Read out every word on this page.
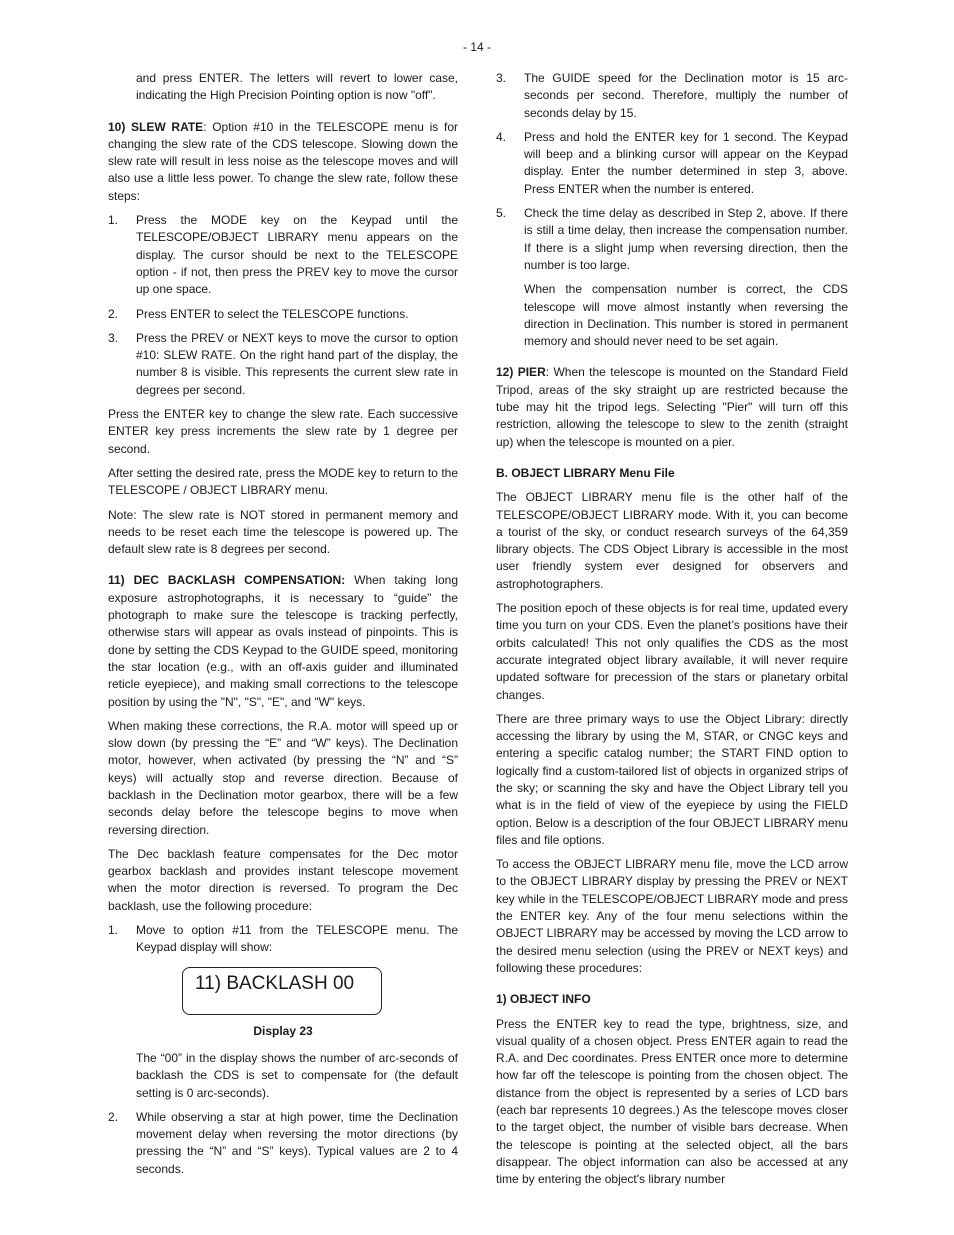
- 14 -

and press ENTER. The letters will revert to lower case, indicating the High Precision Pointing option is now "off".

10) SLEW RATE: Option #10 in the TELESCOPE menu is for changing the slew rate of the CDS telescope. Slowing down the slew rate will result in less noise as the telescope moves and will also use a little less power. To change the slew rate, follow these steps:

1. Press the MODE key on the Keypad until the TELESCOPE/OBJECT LIBRARY menu appears on the display. The cursor should be next to the TELESCOPE option - if not, then press the PREV key to move the cursor up one space.
2. Press ENTER to select the TELESCOPE functions.
3. Press the PREV or NEXT keys to move the cursor to option #10: SLEW RATE. On the right hand part of the display, the number 8 is visible. This represents the current slew rate in degrees per second.

Press the ENTER key to change the slew rate. Each successive ENTER key press increments the slew rate by 1 degree per second.

After setting the desired rate, press the MODE key to return to the TELESCOPE / OBJECT LIBRARY menu.

Note: The slew rate is NOT stored in permanent memory and needs to be reset each time the telescope is powered up. The default slew rate is 8 degrees per second.

11) DEC BACKLASH COMPENSATION: When taking long exposure astrophotographs, it is necessary to “guide” the photograph to make sure the telescope is tracking perfectly, otherwise stars will appear as ovals instead of pinpoints. This is done by setting the CDS Keypad to the GUIDE speed, monitoring the star location (e.g., with an off-axis guider and illuminated reticle eyepiece), and making small corrections to the telescope position by using the "N", "S", "E", and "W" keys.

When making these corrections, the R.A. motor will speed up or slow down (by pressing the “E” and “W” keys). The Declination motor, however, when activated (by pressing the “N” and “S” keys) will actually stop and reverse direction. Because of backlash in the Declination motor gearbox, there will be a few seconds delay before the telescope begins to move when reversing direction.

The Dec backlash feature compensates for the Dec motor gearbox backlash and provides instant telescope movement when the motor direction is reversed. To program the Dec backlash, use the following procedure:

1. Move to option #11 from the TELESCOPE menu. The Keypad display will show:
11) BACKLASH 00
Display 23

The “00” in the display shows the number of arc-seconds of backlash the CDS is set to compensate for (the default setting is 0 arc-seconds).

2. While observing a star at high power, time the Declination movement delay when reversing the motor directions (by pressing the “N” and “S” keys). Typical values are 2 to 4 seconds.
3. The GUIDE speed for the Declination motor is 15 arc-seconds per second. Therefore, multiply the number of seconds delay by 15.
4. Press and hold the ENTER key for 1 second. The Keypad will beep and a blinking cursor will appear on the Keypad display. Enter the number determined in step 3, above. Press ENTER when the number is entered.
5. Check the time delay as described in Step 2, above. If there is still a time delay, then increase the compensation number. If there is a slight jump when reversing direction, then the number is too large.

When the compensation number is correct, the CDS telescope will move almost instantly when reversing the direction in Declination. This number is stored in permanent memory and should never need to be set again.

12) PIER: When the telescope is mounted on the Standard Field Tripod, areas of the sky straight up are restricted because the tube may hit the tripod legs. Selecting "Pier" will turn off this restriction, allowing the telescope to slew to the zenith (straight up) when the telescope is mounted on a pier.

B. OBJECT LIBRARY Menu File

The OBJECT LIBRARY menu file is the other half of the TELESCOPE/OBJECT LIBRARY mode. With it, you can become a tourist of the sky, or conduct research surveys of the 64,359 library objects. The CDS Object Library is accessible in the most user friendly system ever designed for observers and astrophotographers.

The position epoch of these objects is for real time, updated every time you turn on your CDS. Even the planet’s positions have their orbits calculated! This not only qualifies the CDS as the most accurate integrated object library available, it will never require updated software for precession of the stars or planetary orbital changes.

There are three primary ways to use the Object Library: directly accessing the library by using the M, STAR, or CNGC keys and entering a specific catalog number; the START FIND option to logically find a custom-tailored list of objects in organized strips of the sky; or scanning the sky and have the Object Library tell you what is in the field of view of the eyepiece by using the FIELD option. Below is a description of the four OBJECT LIBRARY menu files and file options.

To access the OBJECT LIBRARY menu file, move the LCD arrow to the OBJECT LIBRARY display by pressing the PREV or NEXT key while in the TELESCOPE/OBJECT LIBRARY mode and press the ENTER key. Any of the four menu selections within the OBJECT LIBRARY may be accessed by moving the LCD arrow to the desired menu selection (using the PREV or NEXT keys) and following these procedures:

1) OBJECT INFO

Press the ENTER key to read the type, brightness, size, and visual quality of a chosen object. Press ENTER again to read the R.A. and Dec coordinates. Press ENTER once more to determine how far off the telescope is pointing from the chosen object. The distance from the object is represented by a series of LCD bars (each bar represents 10 degrees.) As the telescope moves closer to the target object, the number of visible bars decrease. When the telescope is pointing at the selected object, all the bars disappear. The object information can also be accessed at any time by entering the object's library number
